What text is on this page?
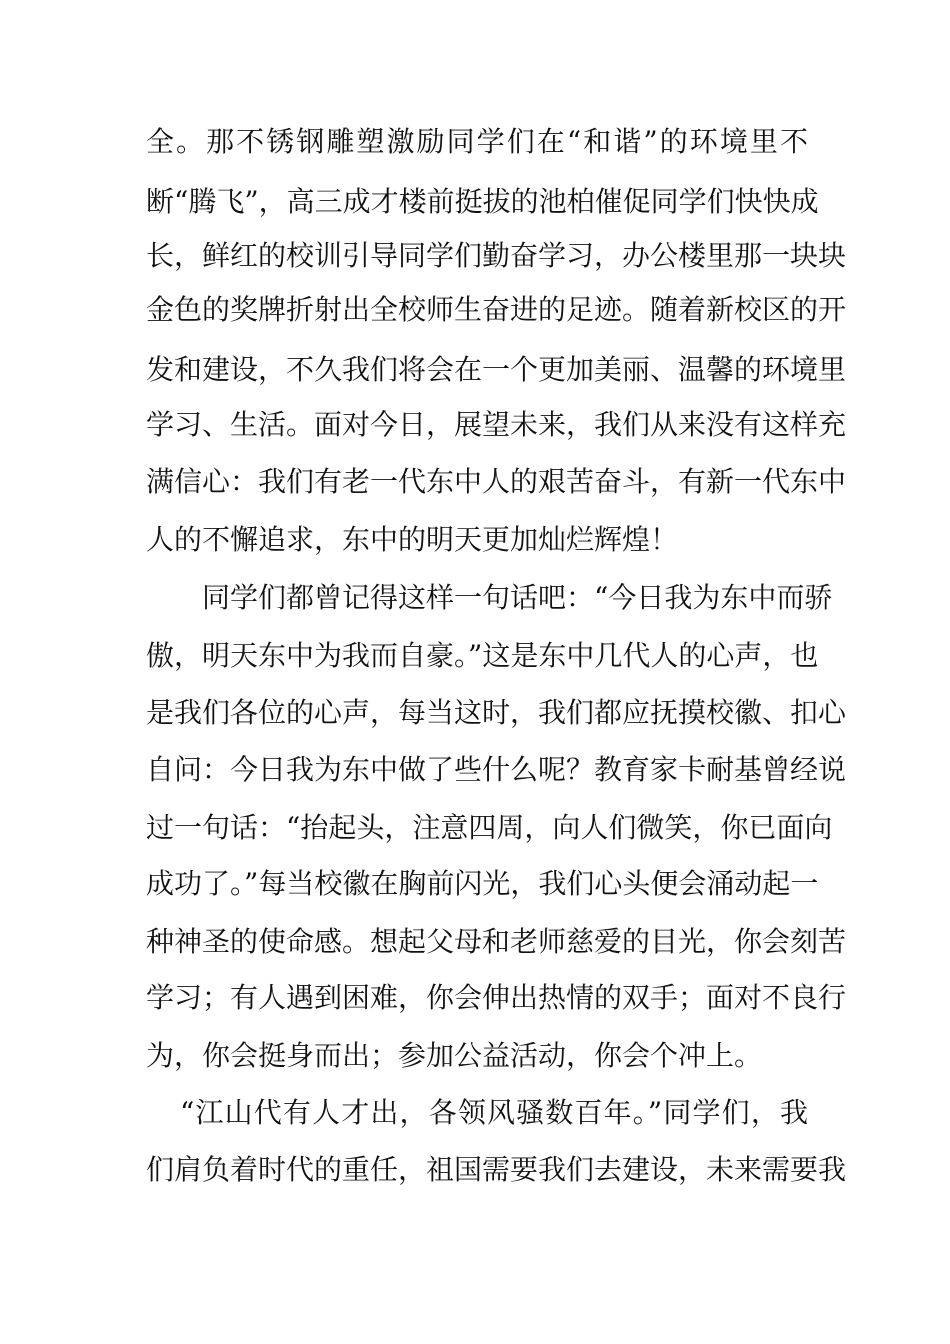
全。那不锈钢雕塑激励同学们在“和谐”的环境里不
断“腾飞”，高三成才楼前挺拔的池柏催促同学们快快成
长，鲜红的校训引导同学们勤奋学习，办公楼里那一块块
金色的奖牌折射出全校师生奋进的足迹。随着新校区的开
发和建设，不久我们将会在一个更加美丽、温馨的环境里
学习、生活。面对今日，展望未来，我们从来没有这样充
满信心：我们有老一代东中人的艰苦奋斗，有新一代东中
人的不懈追求，东中的明天更加灿烂辉煌！
同学们都曾记得这样一句话吧：“今日我为东中而骄
傲，明天东中为我而自豪。”这是东中几代人的心声，也
是我们各位的心声，每当这时，我们都应抚摸校徽、扣心
自问：今日我为东中做了些什么呢？教育家卡耐基曾经说
过一句话：“抬起头，注意四周，向人们微笑，你已面向
成功了。”每当校徽在胸前闪光，我们心头便会涌动起一
种神圣的使命感。想起父母和老师慈爱的目光，你会刻苦
学习；有人遇到困难，你会伸出热情的双手；面对不良行
为，你会挺身而出；参加公益活动，你会个冲上。
“江山代有人才出，各领风骚数百年。”同学们，我
们肩负着时代的重任，祖国需要我们去建设，未来需要我
